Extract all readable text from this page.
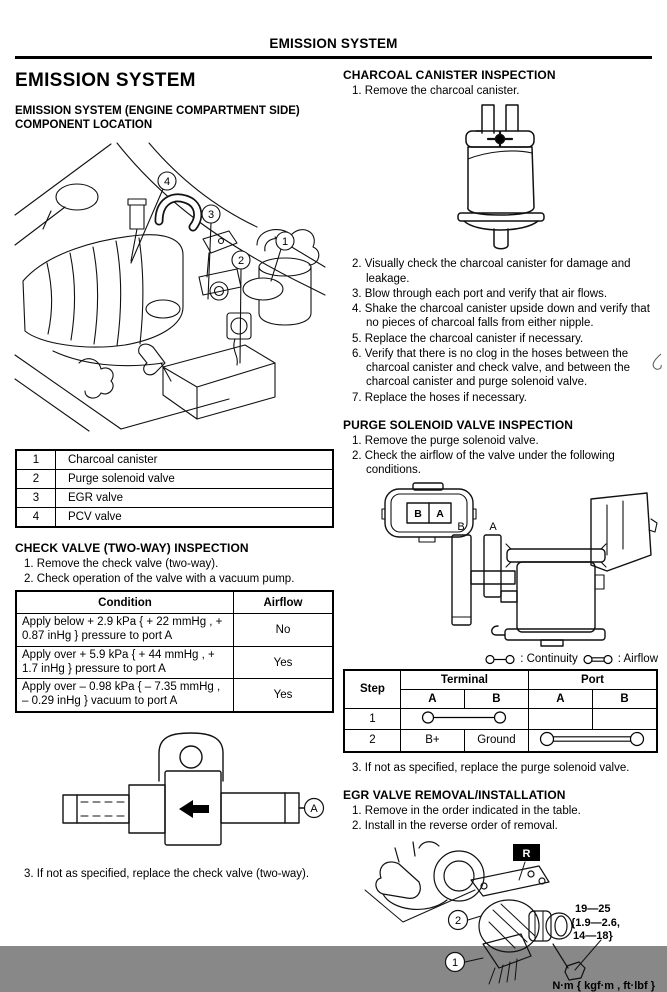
EMISSION SYSTEM
EMISSION SYSTEM
EMISSION SYSTEM (ENGINE COMPARTMENT SIDE)
COMPONENT LOCATION
4
3
2
1
1	Charcoal canister
2	Purge solenoid valve
3	EGR valve
4	PCV valve
CHECK VALVE (TWO-WAY) INSPECTION
1. Remove the check valve (two-way).
2. Check operation of the valve with a vacuum pump.
Condition	Airflow
Apply below + 2.9 kPa { + 22 mmHg , + 0.87 inHg } pressure to port A	No
Apply over + 5.9 kPa { + 44 mmHg , + 1.7 inHg } pressure to port A	Yes
Apply over – 0.98 kPa { – 7.35 mmHg , – 0.29 inHg } vacuum to port A	Yes
A
3. If not as specified, replace the check valve (two-way).
CHARCOAL CANISTER INSPECTION
1. Remove the charcoal canister.
2. Visually check the charcoal canister for damage and leakage.
3. Blow through each port and verify that air flows.
4. Shake the charcoal canister upside down and verify that no pieces of charcoal falls from either nipple.
5. Replace the charcoal canister if necessary.
6. Verify that there is no clog in the hoses between the charcoal canister and check valve, and between the charcoal canister and purge solenoid valve.
7. Replace the hoses if necessary.
PURGE SOLENOID VALVE INSPECTION
1. Remove the purge solenoid valve.
2. Check the airflow of the valve under the following conditions.
B A
B A
: Continuity	: Airflow
Step	Terminal		Port	
	A	B	A	B
1			
2	B+	Ground	
3. If not as specified, replace the purge solenoid valve.
EGR VALVE REMOVAL/INSTALLATION
1. Remove in the order indicated in the table.
2. Install in the reverse order of removal.
R
2
1
19—25
{1.9—2.6,
14—18}
N·m { kgf·m , ft·lbf }
